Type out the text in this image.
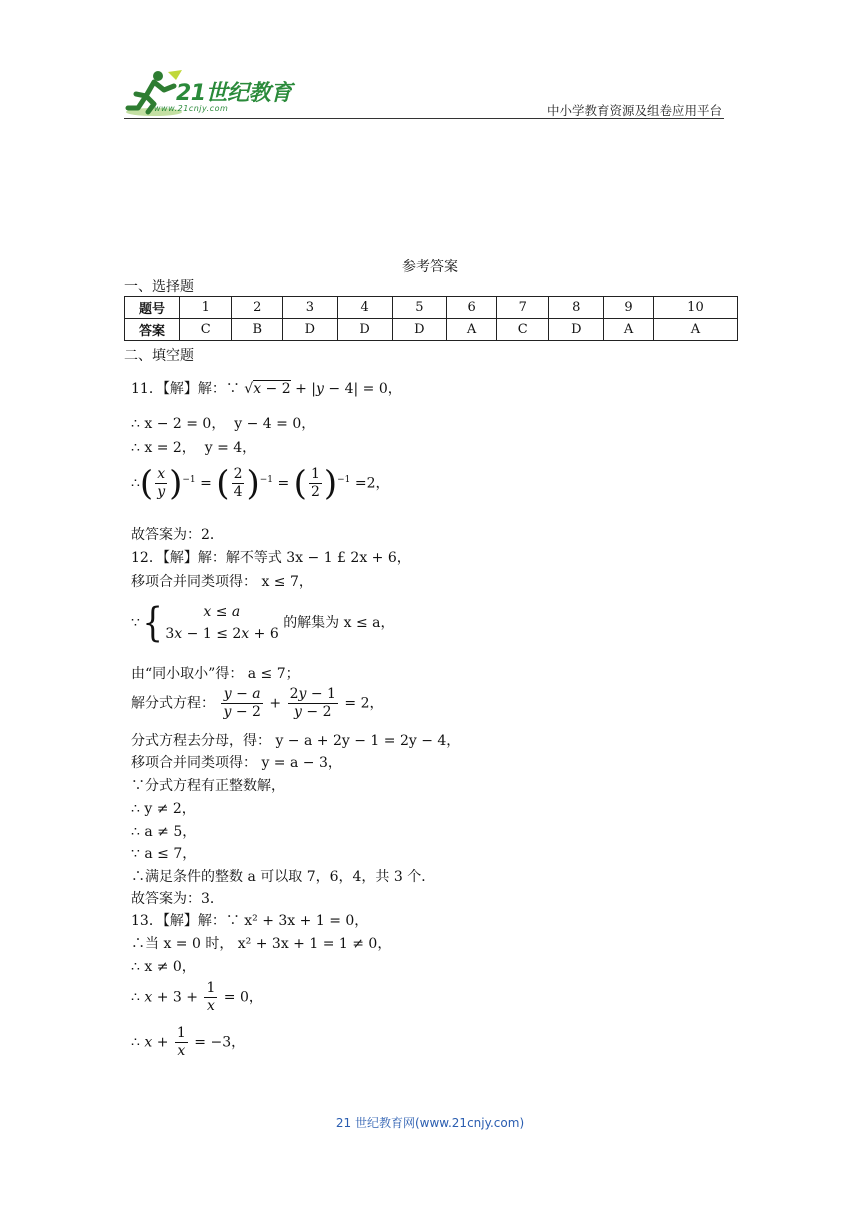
21世纪教育
www.21cnjy.com	中小学教育资源及组卷应用平台
参考答案
一、选择题
题号	1	2	3	4	5	6	7	8	9	10
答案	C	B	D	D	D	A	C	D	A	A
二、填空题
11．【解】解：∵ √x − 2 + |y − 4| = 0，
∴ x − 2 = 0， y − 4 = 0，
∴ x = 2， y = 4，
∴( $\frac{x}{y} )^{-1}$ = ( $\frac{2}{4} )^{-1}$ = ( $\frac{1}{2} )^{-1} =2$，
故答案为：2．
12．【解】解：解不等式 3x − 1 £ 2x + 6，
移项合并同类项得： x ≤ 7，
∵{	x ≤ a
3x − 1 ≤ 2x + 6
的解集为 x ≤ a，
由“同小取小”得： a ≤ 7；
解分式方程： $\frac{y - a}{y - 2} + \frac{2y - 1}{y - 2} = 2$，
分式方程去分母，得： y − a + 2y − 1 = 2y − 4，
移项合并同类项得： y = a − 3，
∵分式方程有正整数解，
∴ y ≠ 2，
∴ a ≠ 5，
∵ a ≤ 7，
∴满足条件的整数 a 可以取 7，6，4，共 3 个．
故答案为：3．
13．【解】解：∵ x² + 3x + 1 = 0，
∴当 x = 0 时， x² + 3x + 1 = 1 ≠ 0，
∴ x ≠ 0，
∴ $x + 3 + \frac{1}{x} = 0$，
∴ $x + \frac{1}{x} = -3$，
21 世纪教育网(www.21cnjy.com)
